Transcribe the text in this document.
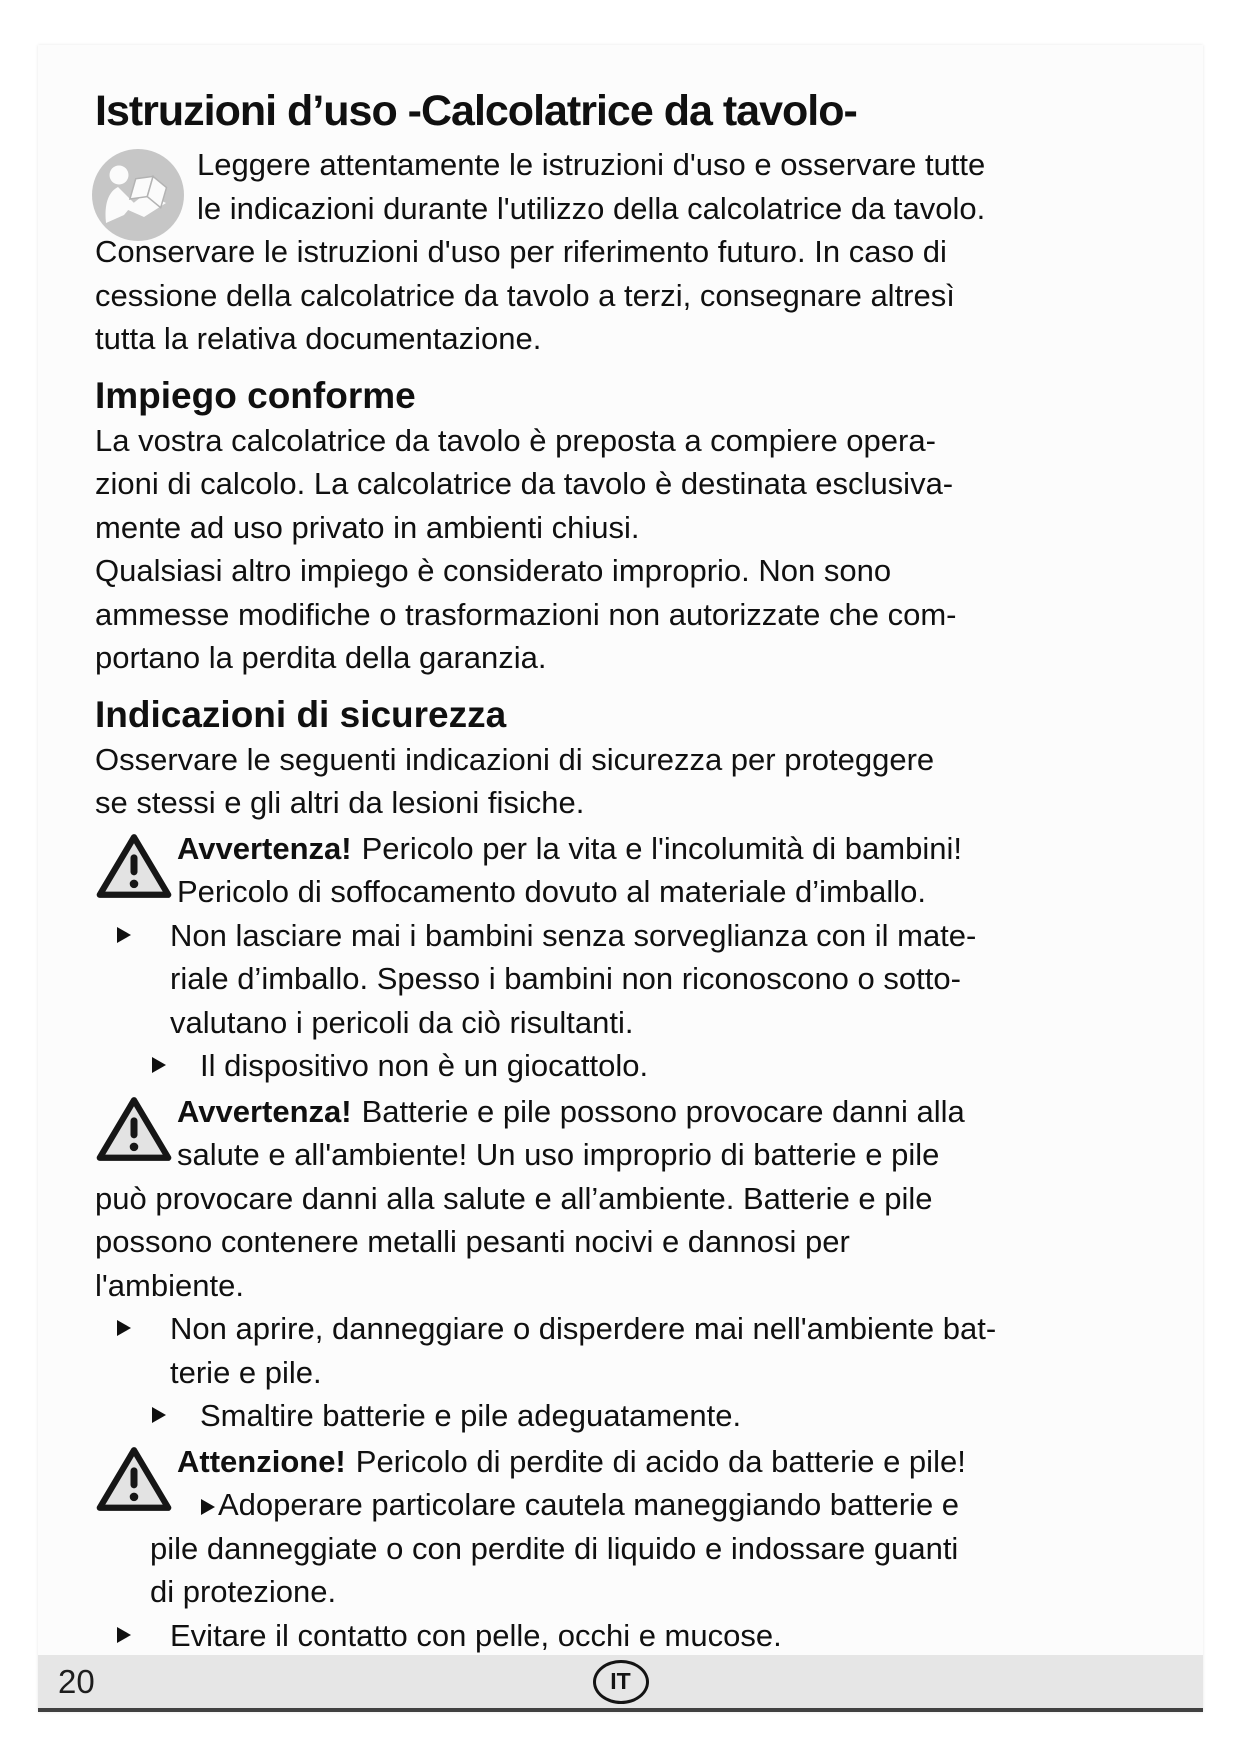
Istruzioni d’uso -Calcolatrice da tavolo-
Leggere attentamente le istruzioni d'uso e osservare tutte
le indicazioni durante l'utilizzo della calcolatrice da tavolo.
Conservare le istruzioni d'uso per riferimento futuro. In caso di
cessione della calcolatrice da tavolo a terzi, consegnare altresì
tutta la relativa documentazione.
Impiego conforme
La vostra calcolatrice da tavolo è preposta a compiere opera-
zioni di calcolo. La calcolatrice da tavolo è destinata esclusiva-
mente ad uso privato in ambienti chiusi.
Qualsiasi altro impiego è considerato improprio. Non sono
ammesse modifiche o trasformazioni non autorizzate che com-
portano la perdita della garanzia.
Indicazioni di sicurezza
Osservare le seguenti indicazioni di sicurezza per proteggere
se stessi e gli altri da lesioni fisiche.
Avvertenza! Pericolo per la vita e l'incolumità di bambini!
Pericolo di soffocamento dovuto al materiale d’imballo.
Non lasciare mai i bambini senza sorveglianza con il mate-
riale d’imballo. Spesso i bambini non riconoscono o sotto-
valutano i pericoli da ciò risultanti.
Il dispositivo non è un giocattolo.
Avvertenza! Batterie e pile possono provocare danni alla
salute e all'ambiente! Un uso improprio di batterie e pile
può provocare danni alla salute e all’ambiente. Batterie e pile
possono contenere metalli pesanti nocivi e dannosi per
l'ambiente.
Non aprire, danneggiare o disperdere mai nell'ambiente bat-
terie e pile.
Smaltire batterie e pile adeguatamente.
Attenzione! Pericolo di perdite di acido da batterie e pile!
Adoperare particolare cautela maneggiando batterie e
pile danneggiate o con perdite di liquido e indossare guanti
di protezione.
Evitare il contatto con pelle, occhi e mucose.
20	IT
